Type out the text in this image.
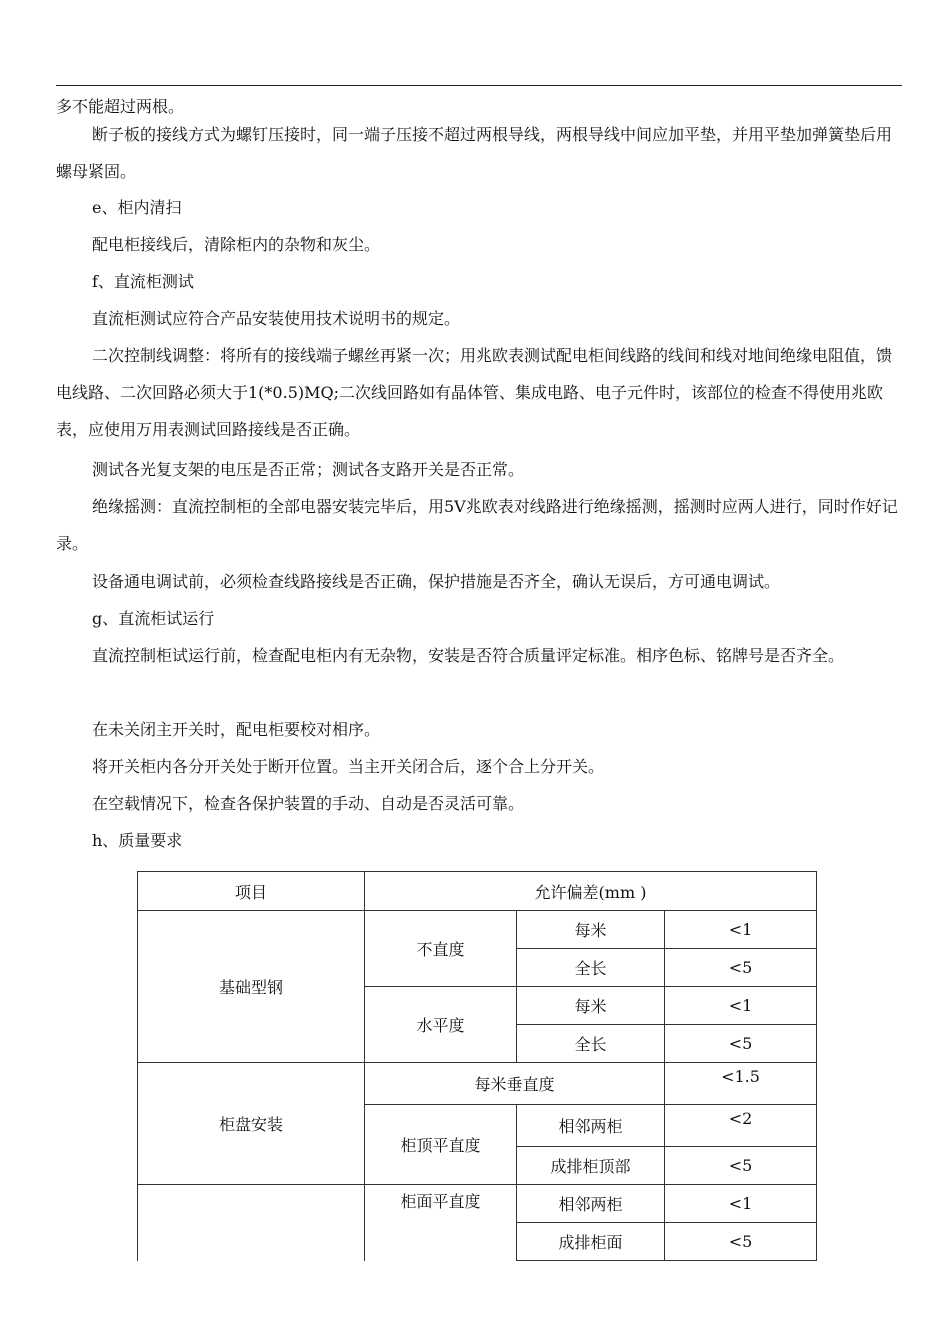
多不能超过两根。

断子板的接线方式为螺钉压接时，同一端子压接不超过两根导线，两根导线中间应加平垫，并用平垫加弹簧垫后用螺母紧固。

e、柜内清扫

配电柜接线后，清除柜内的杂物和灰尘。

f、直流柜测试

直流柜测试应符合产品安装使用技术说明书的规定。

二次控制线调整：将所有的接线端子螺丝再紧一次；用兆欧表测试配电柜间线路的线间和线对地间绝缘电阻值，馈电线路、二次回路必须大于1(*0.5)MQ;二次线回路如有晶体管、集成电路、电子元件时，该部位的检查不得使用兆欧表，应使用万用表测试回路接线是否正确。

测试各光复支架的电压是否正常；测试各支路开关是否正常。

绝缘摇测：直流控制柜的全部电器安装完毕后，用5V兆欧表对线路进行绝缘摇测，摇测时应两人进行，同时作好记录。

设备通电调试前，必须检查线路接线是否正确，保护措施是否齐全，确认无误后，方可通电调试。

g、直流柜试运行

直流控制柜试运行前，检查配电柜内有无杂物，安装是否符合质量评定标准。相序色标、铭牌号是否齐全。

在未关闭主开关时，配电柜要校对相序。

将开关柜内各分开关处于断开位置。当主开关闭合后，逐个合上分开关。

在空载情况下，检查各保护装置的手动、自动是否灵活可靠。

h、质量要求

项目	允许偏差(mm )		
基础型钢	不直度	每米	<1
		全长	<5
	水平度	每米	<1
		全长	<5
柜盘安装	每米垂直度		<1.5
	柜顶平直度	相邻两柜	<2
		成排柜顶部	<5
	柜面平直度	相邻两柜	<1
		成排柜面	<5
